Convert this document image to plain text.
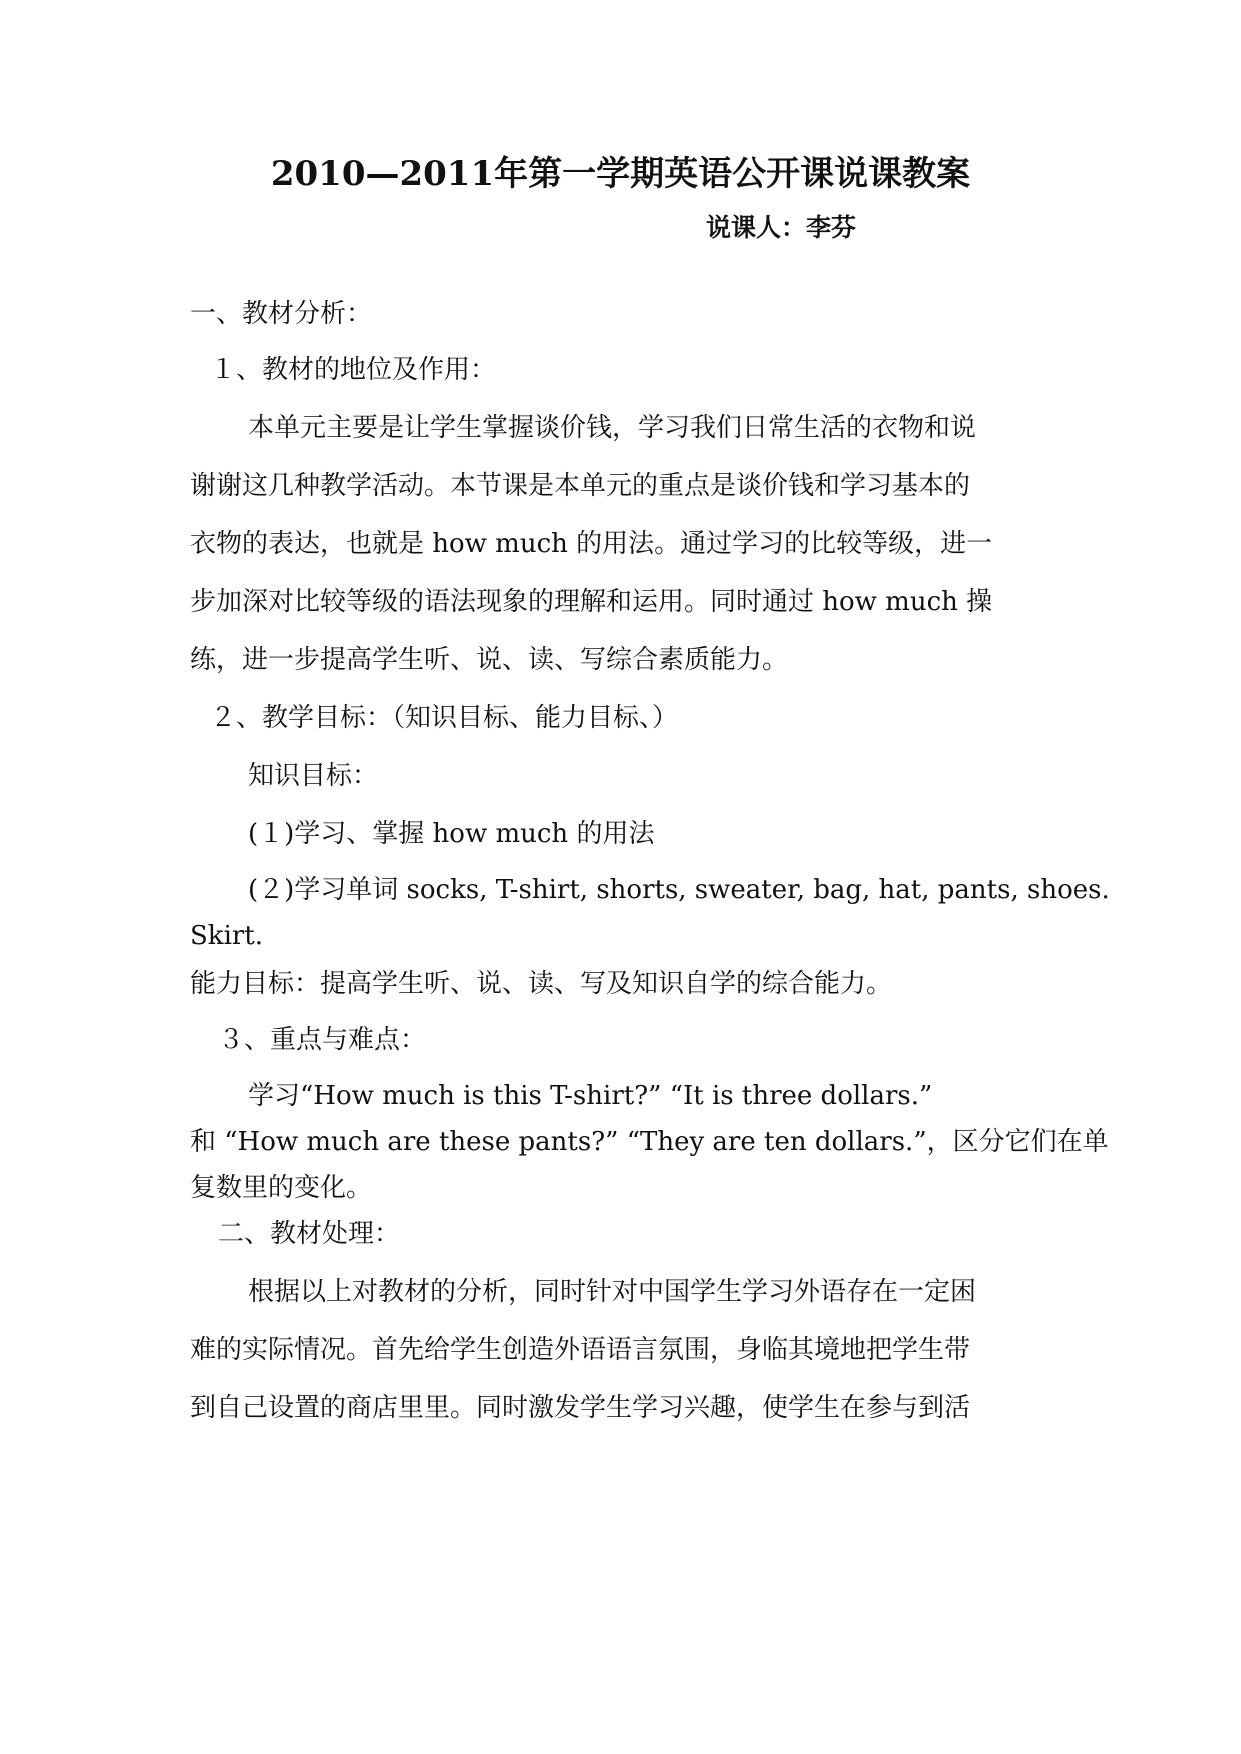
2010—2011年第一学期英语公开课说课教案
说课人：李芬
一、教材分析：
１、教材的地位及作用：
本单元主要是让学生掌握谈价钱，学习我们日常生活的衣物和说
谢谢这几种教学活动。本节课是本单元的重点是谈价钱和学习基本的
衣物的表达，也就是 how much 的用法。通过学习的比较等级，进一
步加深对比较等级的语法现象的理解和运用。同时通过 how much 操
练，进一步提高学生听、说、读、写综合素质能力。
２、教学目标：（知识目标、能力目标、）
知识目标：
(１)学习、掌握 how much 的用法
(２)学习单词 socks, T-shirt, shorts, sweater, bag, hat, pants, shoes.
Skirt.
能力目标：提高学生听、说、读、写及知识自学的综合能力。
３、重点与难点：
学习“How much is this T-shirt?” “It is three dollars.”
和 “How much are these pants?” “They are ten dollars.”，区分它们在单
复数里的变化。
二、教材处理：
根据以上对教材的分析，同时针对中国学生学习外语存在一定困
难的实际情况。首先给学生创造外语语言氛围，身临其境地把学生带
到自己设置的商店里里。同时激发学生学习兴趣，使学生在参与到活
